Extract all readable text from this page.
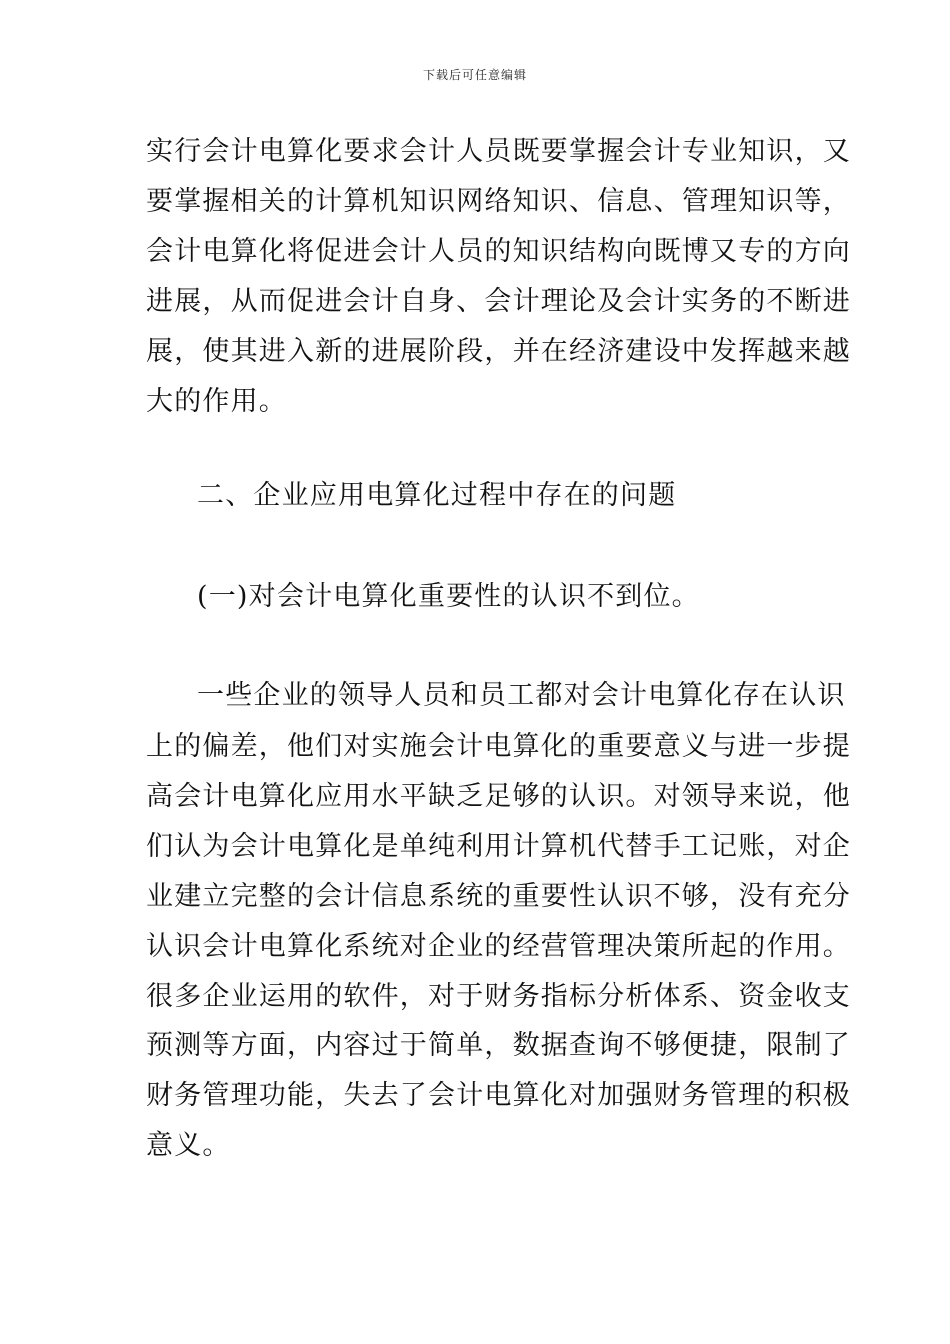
下载后可任意编辑
实行会计电算化要求会计人员既要掌握会计专业知识，又
要掌握相关的计算机知识网络知识、信息、管理知识等，
会计电算化将促进会计人员的知识结构向既博又专的方向
进展，从而促进会计自身、会计理论及会计实务的不断进
展，使其进入新的进展阶段，并在经济建设中发挥越来越
大的作用。
二、企业应用电算化过程中存在的问题
(一)对会计电算化重要性的认识不到位。
一些企业的领导人员和员工都对会计电算化存在认识
上的偏差，他们对实施会计电算化的重要意义与进一步提
高会计电算化应用水平缺乏足够的认识。对领导来说，他
们认为会计电算化是单纯利用计算机代替手工记账，对企
业建立完整的会计信息系统的重要性认识不够，没有充分
认识会计电算化系统对企业的经营管理决策所起的作用。
很多企业运用的软件，对于财务指标分析体系、资金收支
预测等方面，内容过于简单，数据查询不够便捷，限制了
财务管理功能，失去了会计电算化对加强财务管理的积极
意义。
